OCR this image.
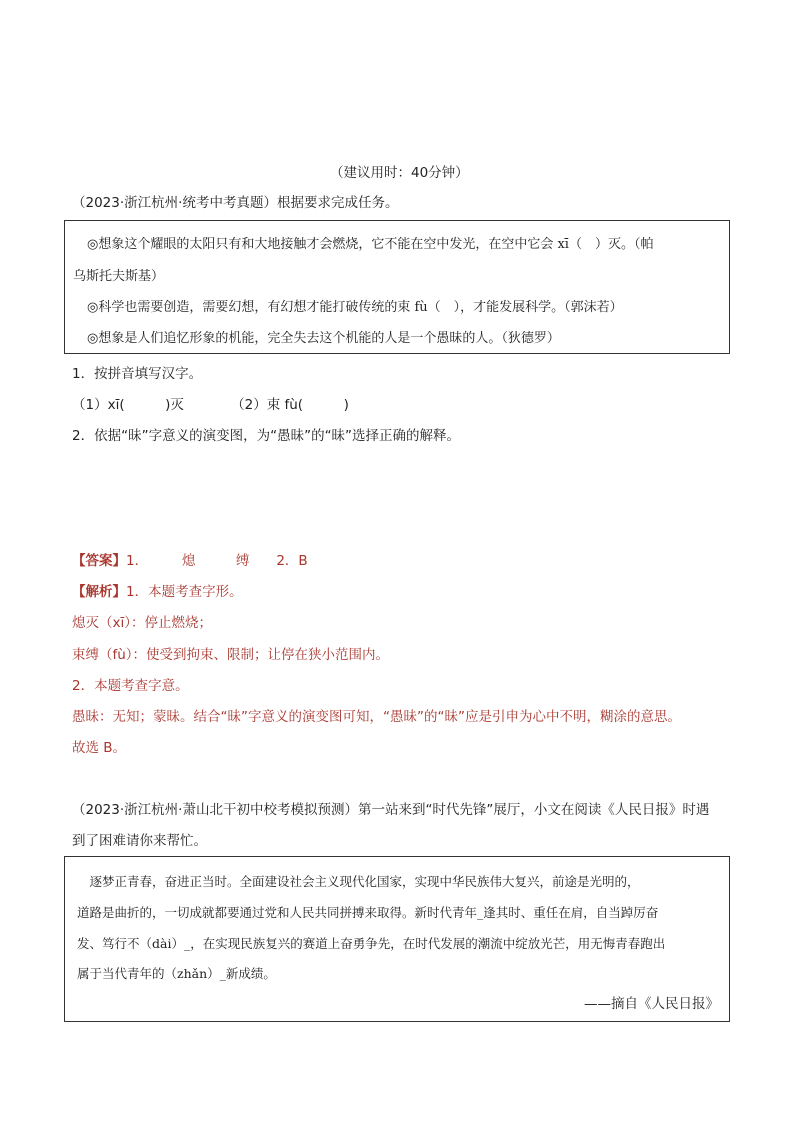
（建议用时：40分钟）
（2023·浙江杭州·统考中考真题）根据要求完成任务。
◎想象这个耀眼的太阳只有和大地接触才会燃烧，它不能在空中发光，在空中它会 xī（　）灭。（帕
乌斯托夫斯基）
◎科学也需要创造，需要幻想，有幻想才能打破传统的束 fù（　），才能发展科学。（郭沫若）
◎想象是人们追忆形象的机能，完全失去这个机能的人是一个愚昧的人。（狄德罗）
1．按拼音填写汉字。
（1）xī(　　　)灭　　　　（2）束 fù(　　　)
2．依据“昧”字意义的演变图，为“愚昧”的“昧”选择正确的解释。
【答案】1．　　　熄　　　缚　　2．B
【解析】1．本题考查字形。
熄灭（xī）：停止燃烧；
束缚（fù）：使受到拘束、限制；让停在狭小范围内。
2．本题考查字意。
愚昧：无知；蒙昧。结合“昧”字意义的演变图可知，“愚昧”的“昧”应是引申为心中不明，糊涂的意思。
故选 B。
（2023·浙江杭州·萧山北干初中校考模拟预测）第一站来到“时代先锋”展厅，小文在阅读《人民日报》时遇
到了困难请你来帮忙。
　逐梦正青春，奋进正当时。全面建设社会主义现代化国家，实现中华民族伟大复兴，前途是光明的，
道路是曲折的，一切成就都要通过党和人民共同拼搏来取得。新时代青年_逢其时、重任在肩，自当踔厉奋
发、笃行不（dài）_，在实现民族复兴的赛道上奋勇争先，在时代发展的潮流中绽放光芒，用无悔青春跑出
属于当代青年的（zhǎn）_新成绩。
——摘自《人民日报》
